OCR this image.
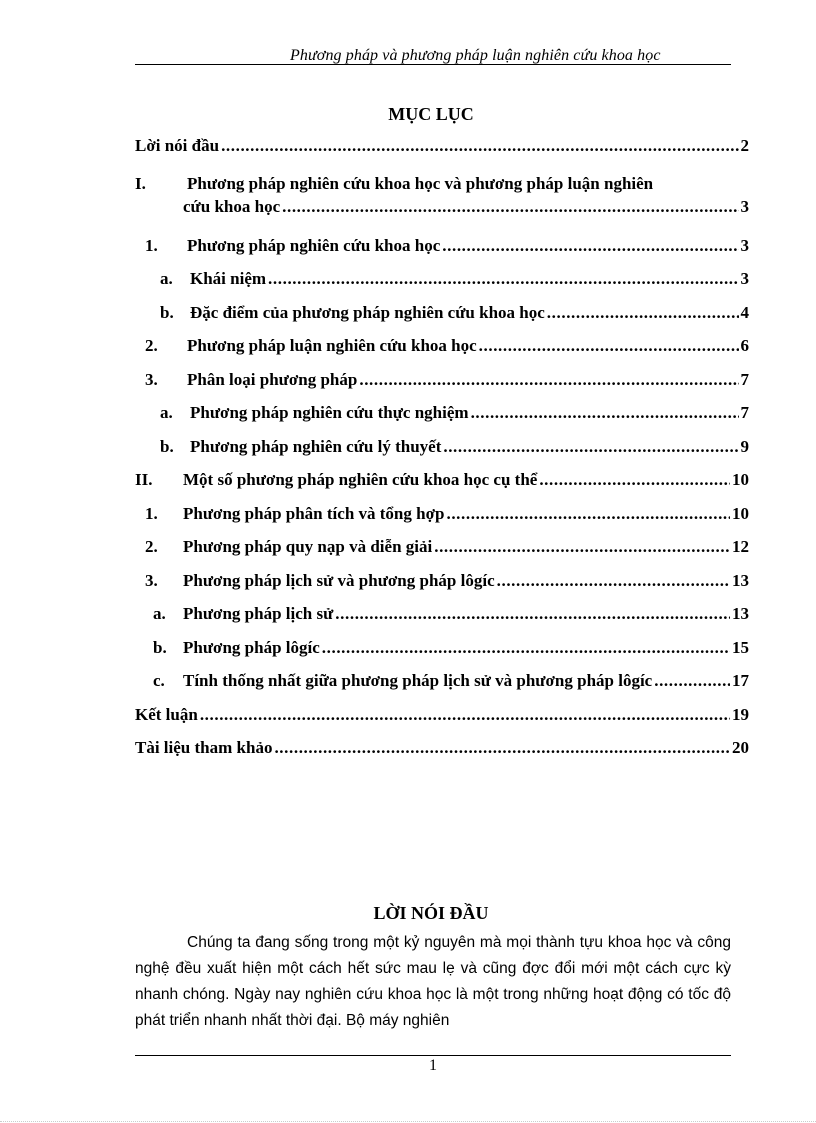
Phương pháp và phương pháp luận nghiên cứu khoa học
MỤC LỤC
Lời nói đầu .....	2
I.	Phương pháp nghiên cứu khoa học và phương pháp luận nghiên
cứu khoa học .....	3
1.	Phương pháp nghiên cứu khoa học .....	3
a.	Khái niệm .....	3
b. Đặc điểm của phương pháp nghiên cứu khoa học .....	4
2.	Phương pháp luận nghiên cứu khoa học .....	6
3.	Phân loại phương pháp .....	7
a.	Phương pháp nghiên cứu thực nghiệm .....	7
b. Phương pháp nghiên cứu lý thuyết .....	9
II.	Một số phương pháp nghiên cứu khoa học cụ thể .....	10
1.	Phương pháp phân tích và tổng hợp .....	10
2.	Phương pháp quy nạp và diễn giải .....	12
3.	Phương pháp lịch sử và phương pháp lôgíc .....	13
a.	Phương pháp lịch sử .....	13
b. Phương pháp lôgíc .....	15
c.	Tính thống nhất giữa phương pháp lịch sử và phương pháp lôgíc .....	17
Kết luận .....	19
Tài liệu tham khảo .....	20
LỜI NÓI ĐẦU
Chúng ta đang sống trong một kỷ nguyên mà mọi thành tựu khoa học và công nghệ đều xuất hiện một cách hết sức mau lẹ và cũng đợc đổi mới một cách cực kỳ nhanh chóng. Ngày nay nghiên cứu khoa học là một trong những hoạt động có tốc độ phát triển nhanh nhất thời đại. Bộ máy nghiên
1
